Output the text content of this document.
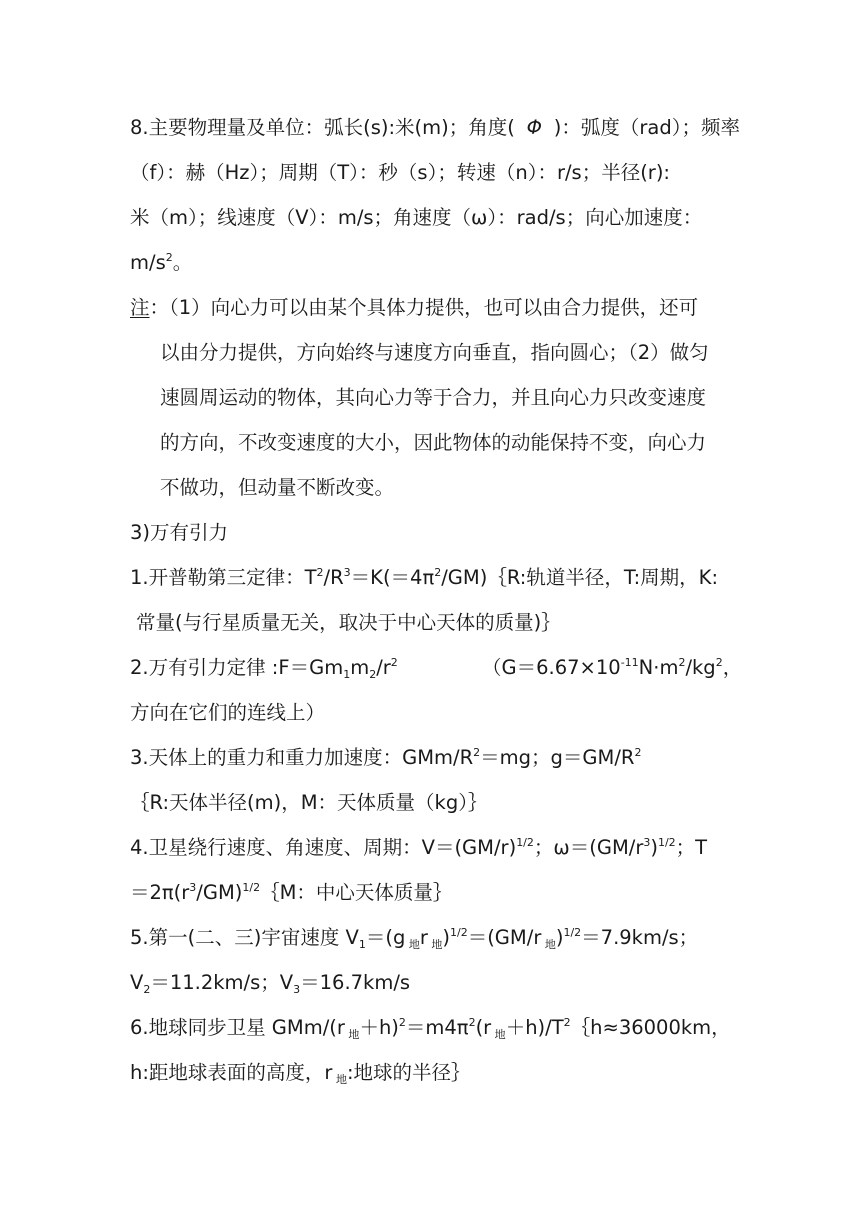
8.主要物理量及单位：弧长(s):米(m)；角度( Φ )：弧度（rad）；频率
（f）：赫（Hz）；周期（T）：秒（s）；转速（n）：r/s；半径(r):
米（m）；线速度（V）：m/s；角速度（ω）：rad/s；向心加速度：
$m/s^2$。
注：（1）向心力可以由某个具体力提供，也可以由合力提供，还可
以由分力提供，方向始终与速度方向垂直，指向圆心；（2）做匀
速圆周运动的物体，其向心力等于合力，并且向心力只改变速度
的方向，不改变速度的大小，因此物体的动能保持不变，向心力
不做功，但动量不断改变。
3)万有引力
1.开普勒第三定律：$T^2/R^3=K(=4\pi^2/GM)\{R$:轨道半径，T:周期，K:
常量(与行星质量无关，取决于中心天体的质量)｝
2.万有引力定律 $:F=Gm_1m_2/r^2$	（$G=6.67\times 10^{-11}N\cdot m^2/kg^2$，
方向在它们的连线上）
3.天体上的重力和重力加速度：GMm/$R^2=mg$；$g=GM/R^2$
｛R:天体半径(m)，M：天体质量（kg）｝
4.卫星绕行速度、角速度、周期：$V=(GM/r)^{1/2}$；$\omega=(GM/r^3)^{1/2}$；T
$=2\pi(r^3/GM)^{1/2}\{M$：中心天体质量｝
5.第一(二、三)宇宙速度 $V_1=(g$ $_地$r $_地$)$^{1/2}$＝(GM/r $_地$)$^{1/2}$＝7.9km/s；
$V_2=11.2km/s$；$V_3=16.7km/s$
6.地球同步卫星 GMm/(r $_地+h)^2=m4\pi^2(r$ $_地+h)/T^2\{h\approx 36000km$，
h:距地球表面的高度，r $_地$:地球的半径｝
